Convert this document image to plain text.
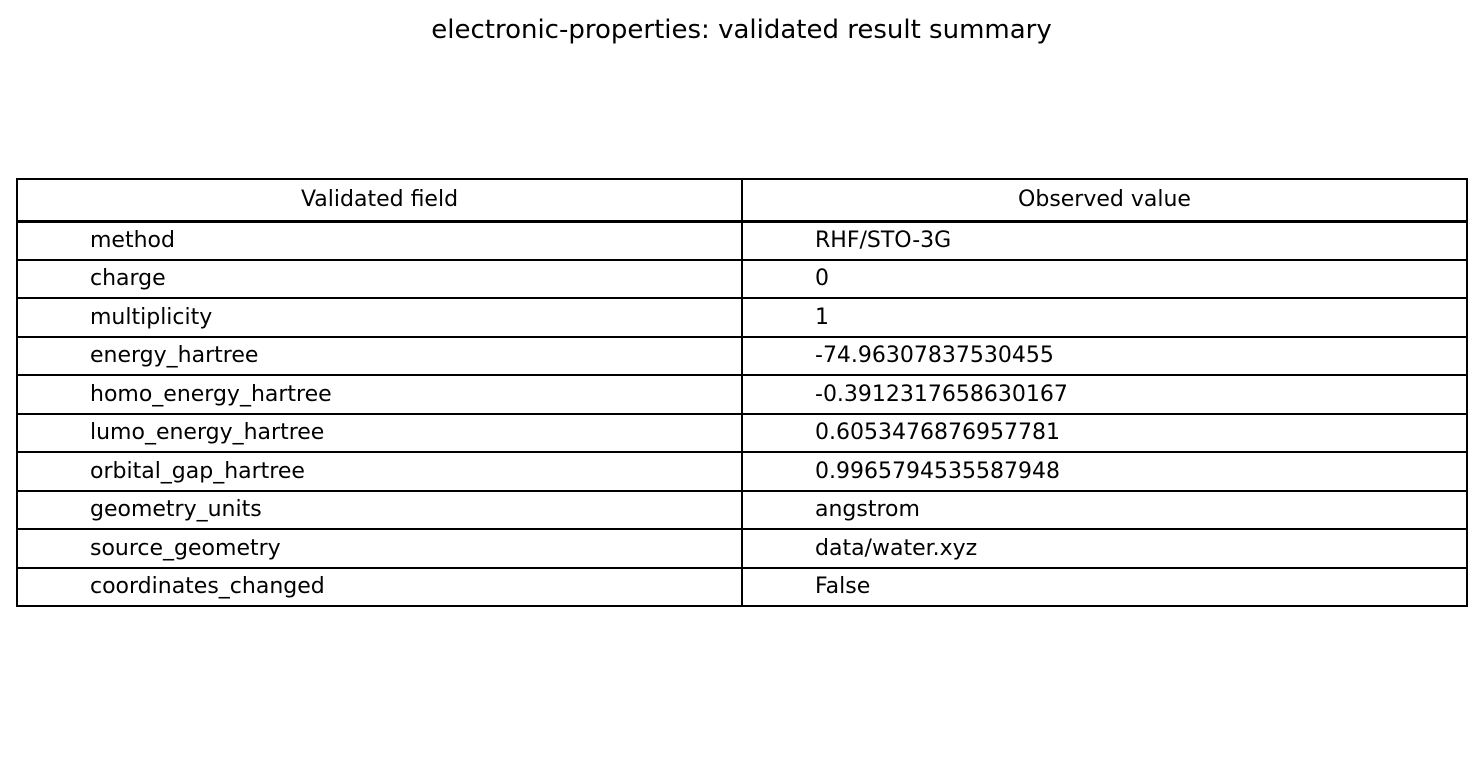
electronic-properties: validated result summary
Validated field	Observed value
method	RHF/STO-3G
charge	0
multiplicity	1
energy_hartree	-74.96307837530455
homo_energy_hartree	-0.3912317658630167
lumo_energy_hartree	0.6053476876957781
orbital_gap_hartree	0.9965794535587948
geometry_units	angstrom
source_geometry	data/water.xyz
coordinates_changed	False
